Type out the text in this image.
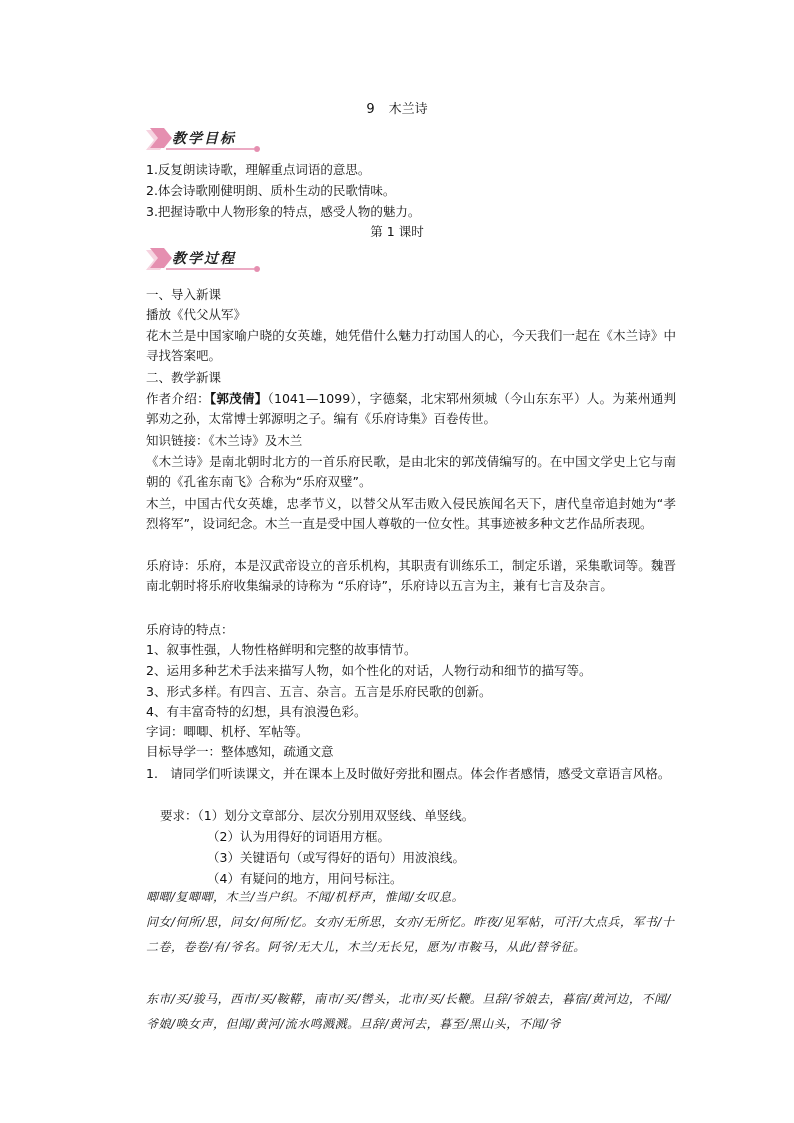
9 木兰诗
教学目标
1.反复朗读诗歌，理解重点词语的意思。
2.体会诗歌刚健明朗、质朴生动的民歌情味。
3.把握诗歌中人物形象的特点，感受人物的魅力。
第 1 课时
教学过程
一、导入新课
播放《代父从军》
花木兰是中国家喻户晓的女英雄，她凭借什么魅力打动国人的心，今天我们一起在《木兰诗》中寻找答案吧。
二、教学新课
作者介绍：【郭茂倩】（1041—1099），字德粲，北宋郓州须城（今山东东平）人。为莱州通判郭劝之孙，太常博士郭源明之子。编有《乐府诗集》百卷传世。
知识链接：《木兰诗》及木兰
《木兰诗》是南北朝时北方的一首乐府民歌，是由北宋的郭茂倩编写的。在中国文学史上它与南朝的《孔雀东南飞》合称为“乐府双璧”。
木兰，中国古代女英雄，忠孝节义，以替父从军击败入侵民族闻名天下，唐代皇帝追封她为“孝烈将军”，设词纪念。木兰一直是受中国人尊敬的一位女性。其事迹被多种文艺作品所表现。
乐府诗：乐府，本是汉武帝设立的音乐机构，其职责有训练乐工，制定乐谱，采集歌词等。魏晋南北朝时将乐府收集编录的诗称为 “乐府诗”，乐府诗以五言为主，兼有七言及杂言。
乐府诗的特点：
1、叙事性强，人物性格鲜明和完整的故事情节。
2、运用多种艺术手法来描写人物，如个性化的对话，人物行动和细节的描写等。
3、形式多样。有四言、五言、杂言。五言是乐府民歌的创新。
4、有丰富奇特的幻想，具有浪漫色彩。
字词：唧唧、机杼、军帖等。
目标导学一：整体感知，疏通文意
1.　请同学们听读课文，并在课本上及时做好旁批和圈点。体会作者感情，感受文章语言风格。
要求：（1）划分文章部分、层次分别用双竖线、单竖线。
（2）认为用得好的词语用方框。
（3）关键语句（或写得好的语句）用波浪线。
（4）有疑问的地方，用问号标注。
唧唧/复唧唧，木兰/当户织。不闻/机杼声，惟闻/女叹息。
问女/何所/思，问女/何所/忆。女亦/无所思，女亦/无所忆。昨夜/见军帖，可汗/大点兵，军书/十二卷，卷卷/有/爷名。阿爷/无大儿，木兰/无长兄，愿为/市鞍马，从此/替爷征。
东市/买/骏马，西市/买/鞍鞯，南市/买/辔头，北市/买/长鞭。旦辞/爷娘去，暮宿/黄河边，不闻/爷娘/唤女声，但闻/黄河/流水鸣溅溅。旦辞/黄河去，暮至/黑山头，不闻/爷
